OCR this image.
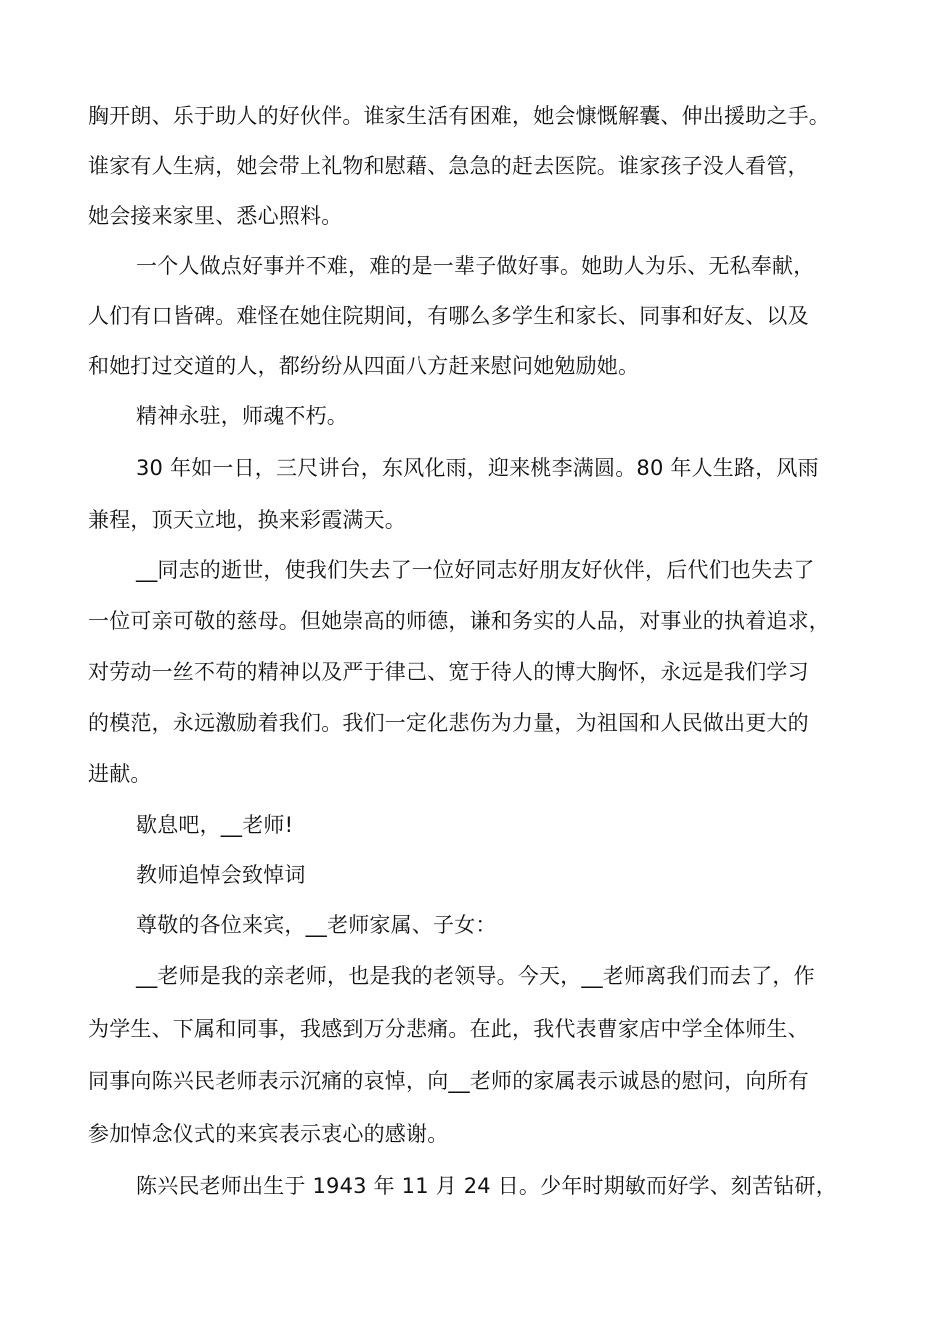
胸开朗、乐于助人的好伙伴。谁家生活有困难，她会慷慨解囊、伸出援助之手。
谁家有人生病，她会带上礼物和慰藉、急急的赶去医院。谁家孩子没人看管，
她会接来家里、悉心照料。
一个人做点好事并不难，难的是一辈子做好事。她助人为乐、无私奉献，
人们有口皆碑。难怪在她住院期间，有哪么多学生和家长、同事和好友、以及
和她打过交道的人，都纷纷从四面八方赶来慰问她勉励她。
精神永驻，师魂不朽。
30 年如一日，三尺讲台，东风化雨，迎来桃李满圆。80 年人生路，风雨
兼程，顶天立地，换来彩霞满天。
__同志的逝世，使我们失去了一位好同志好朋友好伙伴，后代们也失去了
一位可亲可敬的慈母。但她崇高的师德，谦和务实的人品，对事业的执着追求，
对劳动一丝不苟的精神以及严于律己、宽于待人的博大胸怀，永远是我们学习
的模范，永远激励着我们。我们一定化悲伤为力量，为祖国和人民做出更大的
进献。
歇息吧，__老师!
教师追悼会致悼词
尊敬的各位来宾，__老师家属、子女：
__老师是我的亲老师，也是我的老领导。今天，__老师离我们而去了，作
为学生、下属和同事，我感到万分悲痛。在此，我代表曹家店中学全体师生、
同事向陈兴民老师表示沉痛的哀悼，向__老师的家属表示诚恳的慰问，向所有
参加悼念仪式的来宾表示衷心的感谢。
陈兴民老师出生于 1943 年 11 月 24 日。少年时期敏而好学、刻苦钻研，
